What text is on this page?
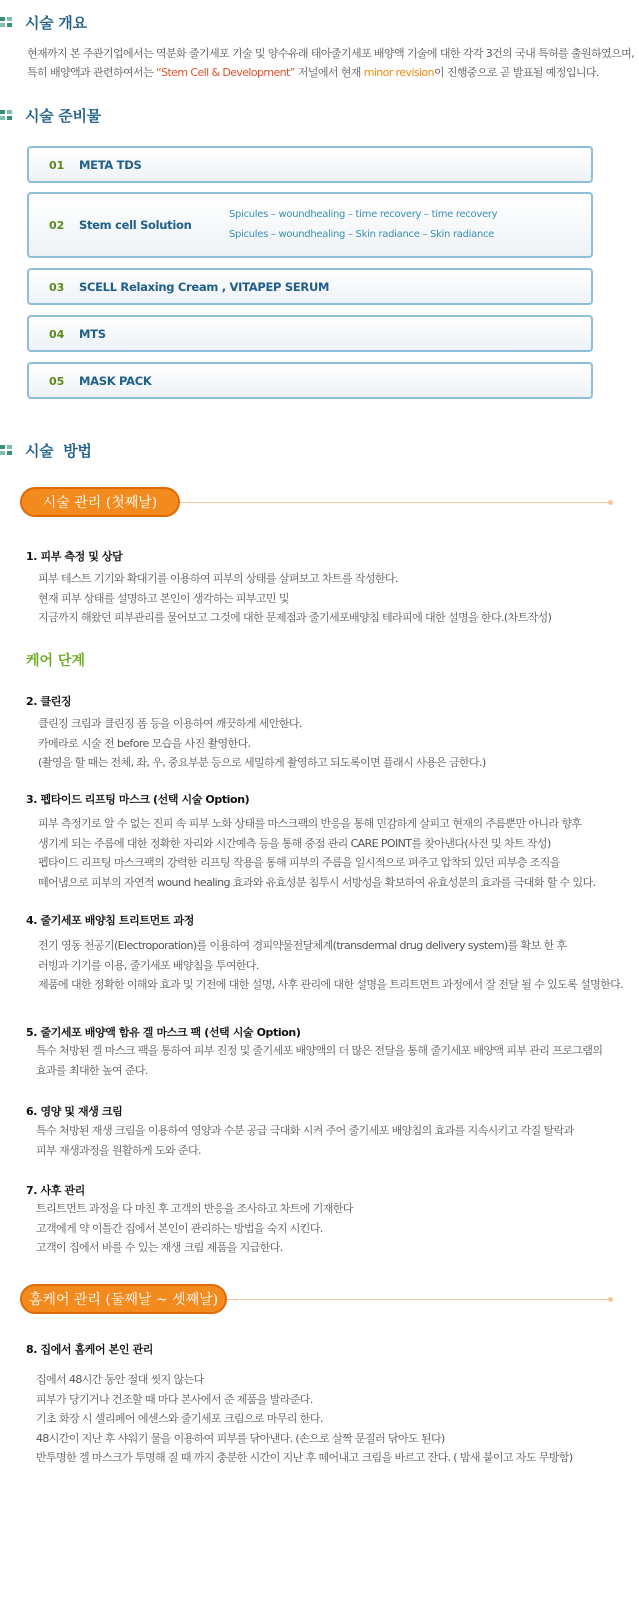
시술 개요
현재까지 본 주관기업에서는 역분화 줄기세포 기술 및 양수유래 태아줄기세포 배양액 기술에 대한 각각 3건의 국내 특허를 출원하였으며,
특히 배양액과 관련하여서는 “Stem Cell & Development” 저널에서 현재 minor revision이 진행중으로 곧 발표될 예정입니다.
시술 준비물
01 META TDS
02 Stem cell Solution
Spicules – woundhealing – time recovery – time recovery
Spicules – woundhealing – Skin radiance – Skin radiance
03 SCELL Relaxing Cream , VITAPEP SERUM
04 MTS
05 MASK PACK
시술  방법
시술 관리 (첫째날)
1. 피부 측정 및 상담
피부 테스트 기기와 확대기를 이용하여 피부의 상태를 살펴보고 차트를 작성한다.
현재 피부 상태를 설명하고 본인이 생각하는 피부고민 및
지금까지 해왔던 피부관리를 물어보고 그것에 대한 문제점과 줄기세포배양침 테라피에 대한 설명을 한다.(차트작성)
케어 단계
2. 클린징
클린징 크림과 클린징 폼 등을 이용하여 깨끗하게 세안한다.
카메라로 시술 전 before 모습을 사진 촬영한다.
(촬영을 할 때는 전체, 좌, 우, 중요부분 등으로 세밀하게 촬영하고 되도록이면 플래시 사용은 금한다.)
3. 펩타이드 리프팅 마스크 (선택 시술 Option)
피부 측정기로 알 수 없는 진피 속 피부 노화 상태를 마스크팩의 반응을 통해 민감하게 살피고 현재의 주름뿐만 아니라 향후
생기게 되는 주름에 대한 정확한 자리와 시간예측 등을 통해 중점 관리 CARE POINT를 찾아낸다(사진 및 차트 작성)
펩타이드 리프팅 마스크팩의 강력한 리프팅 작용을 통해 피부의 주름을 일시적으로 펴주고 압착되 있던 피부층 조직을
떼어냄으로 피부의 자연적 wound healing 효과와 유효성분 침투시 서방성을 확보하여 유효성분의 효과를 극대화 할 수 있다.
4. 줄기세포 배양침 트리트먼트 과정
전기 영동 천공기(Electroporation)를 이용하여 경피약물전달체계(transdermal drug delivery system)를 확보 한 후
러빙과 기기를 이용, 줄기세포 배양침을 투여한다.
제품에 대한 정확한 이해와 효과 및 기전에 대한 설명, 사후 관리에 대한 설명을 트리트먼트 과정에서 잘 전달 될 수 있도록 설명한다.
5. 줄기세포 배양액 함유 겔 마스크 팩 (선택 시술 Option)
특수 처방된 겔 마스크 팩을 통하여 피부 진정 및 줄기세포 배양액의 더 많은 전달을 통해 줄기세포 배양액 피부 관리 프로그램의
효과를 최대한 높여 준다.
6. 영양 및 재생 크림
특수 처방된 재생 크림을 이용하여 영양과 수분 공급 극대화 시켜 주어 줄기세포 배양침의 효과를 지속시키고 각질 탈락과
피부 재생과정을 원활하게 도와 준다.
7. 사후 관리
트리트먼트 과정을 다 마친 후 고객의 반응을 조사하고 차트에 기재한다
고객에게 약 이틀간 집에서 본인이 관리하는 방법을 숙지 시킨다.
고객이 집에서 바를 수 있는 재생 크림 제품을 지급한다.
홈케어 관리 (둘째날 ~ 셋째날)
8. 집에서 홈케어 본인 관리
집에서 48시간 동안 절대 씻지 않는다
피부가 당기거나 건조할 때 마다 본사에서 준 제품을 발라준다.
기초 화장 시 셀리페어 에센스와 줄기세포 크림으로 마무리 한다.
48시간이 지난 후 샤워기 물을 이용하여 피부를 닦아낸다. (손으로 살짝 문질러 닦아도 된다)
반투명한 겔 마스크가 투명해 질 때 까지 충분한 시간이 지난 후 떼어내고 크림을 바르고 잔다. ( 밤새 붙이고 자도 무방함)
